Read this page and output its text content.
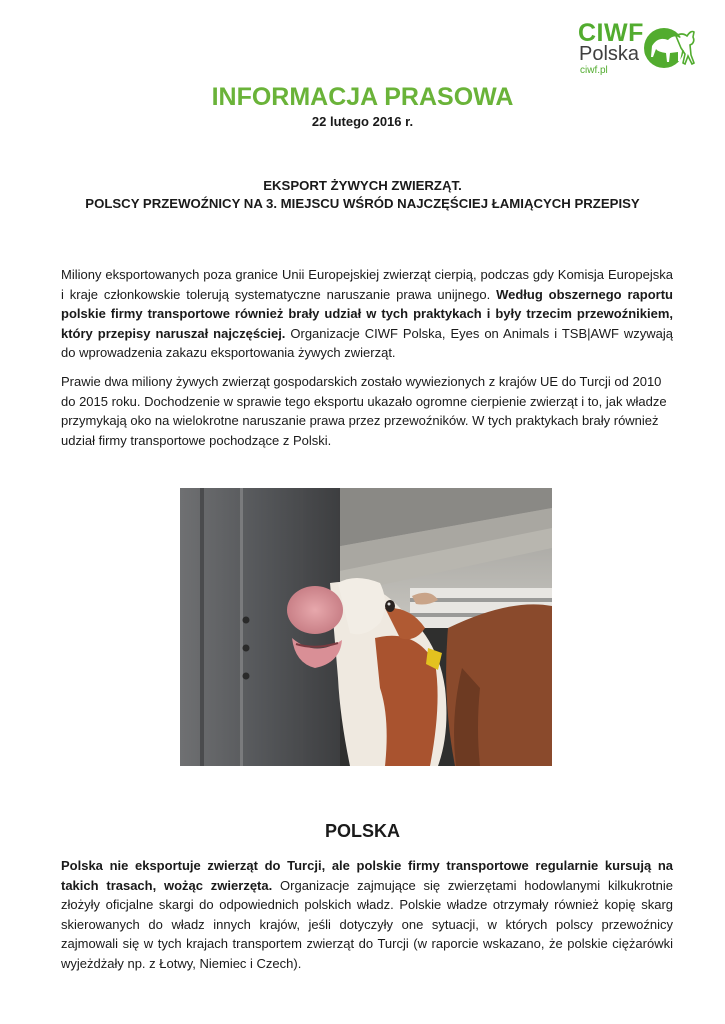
CIWF
Polska
ciwf.pl
INFORMACJA PRASOWA
22 lutego 2016 r.
EKSPORT ŻYWYCH ZWIERZĄT.
POLSCY PRZEWOŹNICY NA 3. MIEJSCU WŚRÓD NAJCZĘŚCIEJ ŁAMIĄCYCH PRZEPISY
Miliony eksportowanych poza granice Unii Europejskiej zwierząt cierpią, podczas gdy Komisja Europejska i kraje członkowskie tolerują systematyczne naruszanie prawa unijnego. Według obszernego raportu polskie firmy transportowe również brały udział w tych praktykach i były trzecim przewoźnikiem, który przepisy naruszał najczęściej. Organizacje CIWF Polska, Eyes on Animals i TSB|AWF wzywają do wprowadzenia zakazu eksportowania żywych zwierząt.
Prawie dwa miliony żywych zwierząt gospodarskich zostało wywiezionych z krajów UE do Turcji od 2010 do 2015 roku. Dochodzenie w sprawie tego eksportu ukazało ogromne cierpienie zwierząt i to, jak władze przymykają oko na wielokrotne naruszanie prawa przez przewoźników. W tych praktykach brały również udział firmy transportowe pochodzące z Polski.
POLSKA
Polska nie eksportuje zwierząt do Turcji, ale polskie firmy transportowe regularnie kursują na takich trasach, wożąc zwierzęta. Organizacje zajmujące się zwierzętami hodowlanymi kilkukrotnie złożyły oficjalne skargi do odpowiednich polskich władz. Polskie władze otrzymały również kopię skarg skierowanych do władz innych krajów, jeśli dotyczyły one sytuacji, w których polscy przewoźnicy zajmowali się w tych krajach transportem zwierząt do Turcji (w raporcie wskazano, że polskie ciężarówki wyjeżdżały np. z Łotwy, Niemiec i Czech).
